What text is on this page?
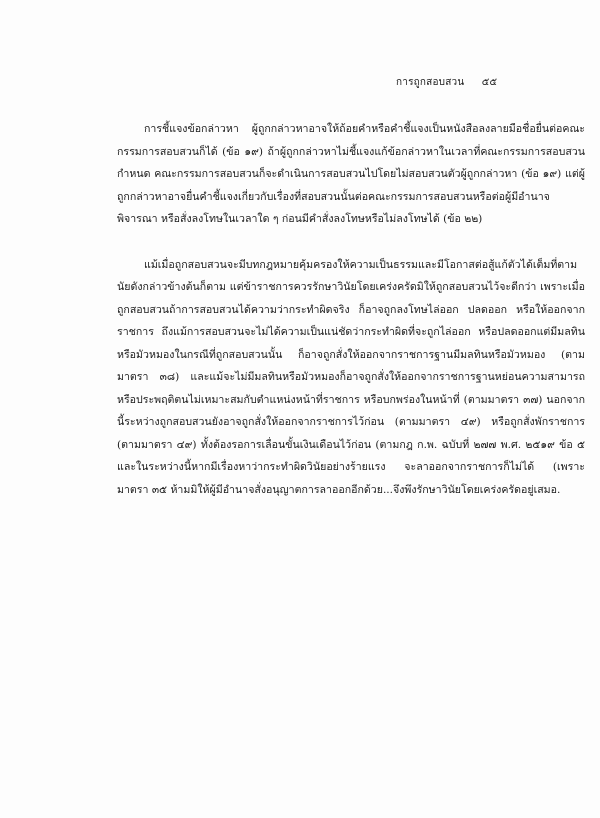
การถูกสอบสวน ๕๕

การชี้แจงข้อกล่าวหา ผู้ถูกกล่าวหาอาจให้ถ้อยคำหรือคำชี้แจงเป็นหนังสือลงลายมือชื่อยื่นต่อคณะกรรมการสอบสวนก็ได้ (ข้อ ๑๙) ถ้าผู้ถูกกล่าวหาไม่ชี้แจงแก้ข้อกล่าวหาในเวลาที่คณะกรรมการสอบสวนกำหนด คณะกรรมการสอบสวนก็จะดำเนินการสอบสวนไปโดยไม่สอบสวนตัวผู้ถูกกล่าวหา (ข้อ ๑๙) แต่ผู้ถูกกล่าวหาอาจยื่นคำชี้แจงเกี่ยวกับเรื่องที่สอบสวนนั้นต่อคณะกรรมการสอบสวนหรือต่อผู้มีอำนาจพิจารณา หรือสั่งลงโทษในเวลาใด ๆ ก่อนมีคำสั่งลงโทษหรือไม่ลงโทษได้ (ข้อ ๒๒)

แม้เมื่อถูกสอบสวนจะมีบทกฎหมายคุ้มครองให้ความเป็นธรรมและมีโอกาสต่อสู้แก้ตัวได้เต็มที่ตามนัยดังกล่าวข้างต้นก็ตาม แต่ข้าราชการควรรักษาวินัยโดยเคร่งครัดมิให้ถูกสอบสวนไว้จะดีกว่า เพราะเมื่อถูกสอบสวนถ้าการสอบสวนได้ความว่ากระทำผิดจริง ก็อาจถูกลงโทษไล่ออก ปลดออก หรือให้ออกจากราชการ ถึงแม้การสอบสวนจะไม่ได้ความเป็นแน่ชัดว่ากระทำผิดที่จะถูกไล่ออก หรือปลดออกแต่มีมลทินหรือมัวหมองในกรณีที่ถูกสอบสวนนั้น ก็อาจถูกสั่งให้ออกจากราชการฐานมีมลทินหรือมัวหมอง (ตามมาตรา ๓๘) และแม้จะไม่มีมลทินหรือมัวหมองก็อาจถูกสั่งให้ออกจากราชการฐานหย่อนความสามารถหรือประพฤติตนไม่เหมาะสมกับตำแหน่งหน้าที่ราชการ หรือบกพร่องในหน้าที่ (ตามมาตรา ๓๗) นอกจากนี้ระหว่างถูกสอบสวนยังอาจถูกสั่งให้ออกจากราชการไว้ก่อน (ตามมาตรา ๔๙) หรือถูกสั่งพักราชการ (ตามมาตรา ๔๙) ทั้งต้องรอการเลื่อนขั้นเงินเดือนไว้ก่อน (ตามกฎ ก.พ. ฉบับที่ ๒๗๗ พ.ศ. ๒๕๑๙ ข้อ ๕ และในระหว่างนี้หากมีเรื่องหาว่ากระทำผิดวินัยอย่างร้ายแรง จะลาออกจากราชการก็ไม่ได้ (เพราะมาตรา ๓๕ ห้ามมิให้ผู้มีอำนาจสั่งอนุญาตการลาออกอีกด้วย...จึงพึงรักษาวินัยโดยเคร่งครัดอยู่เสมอ.
